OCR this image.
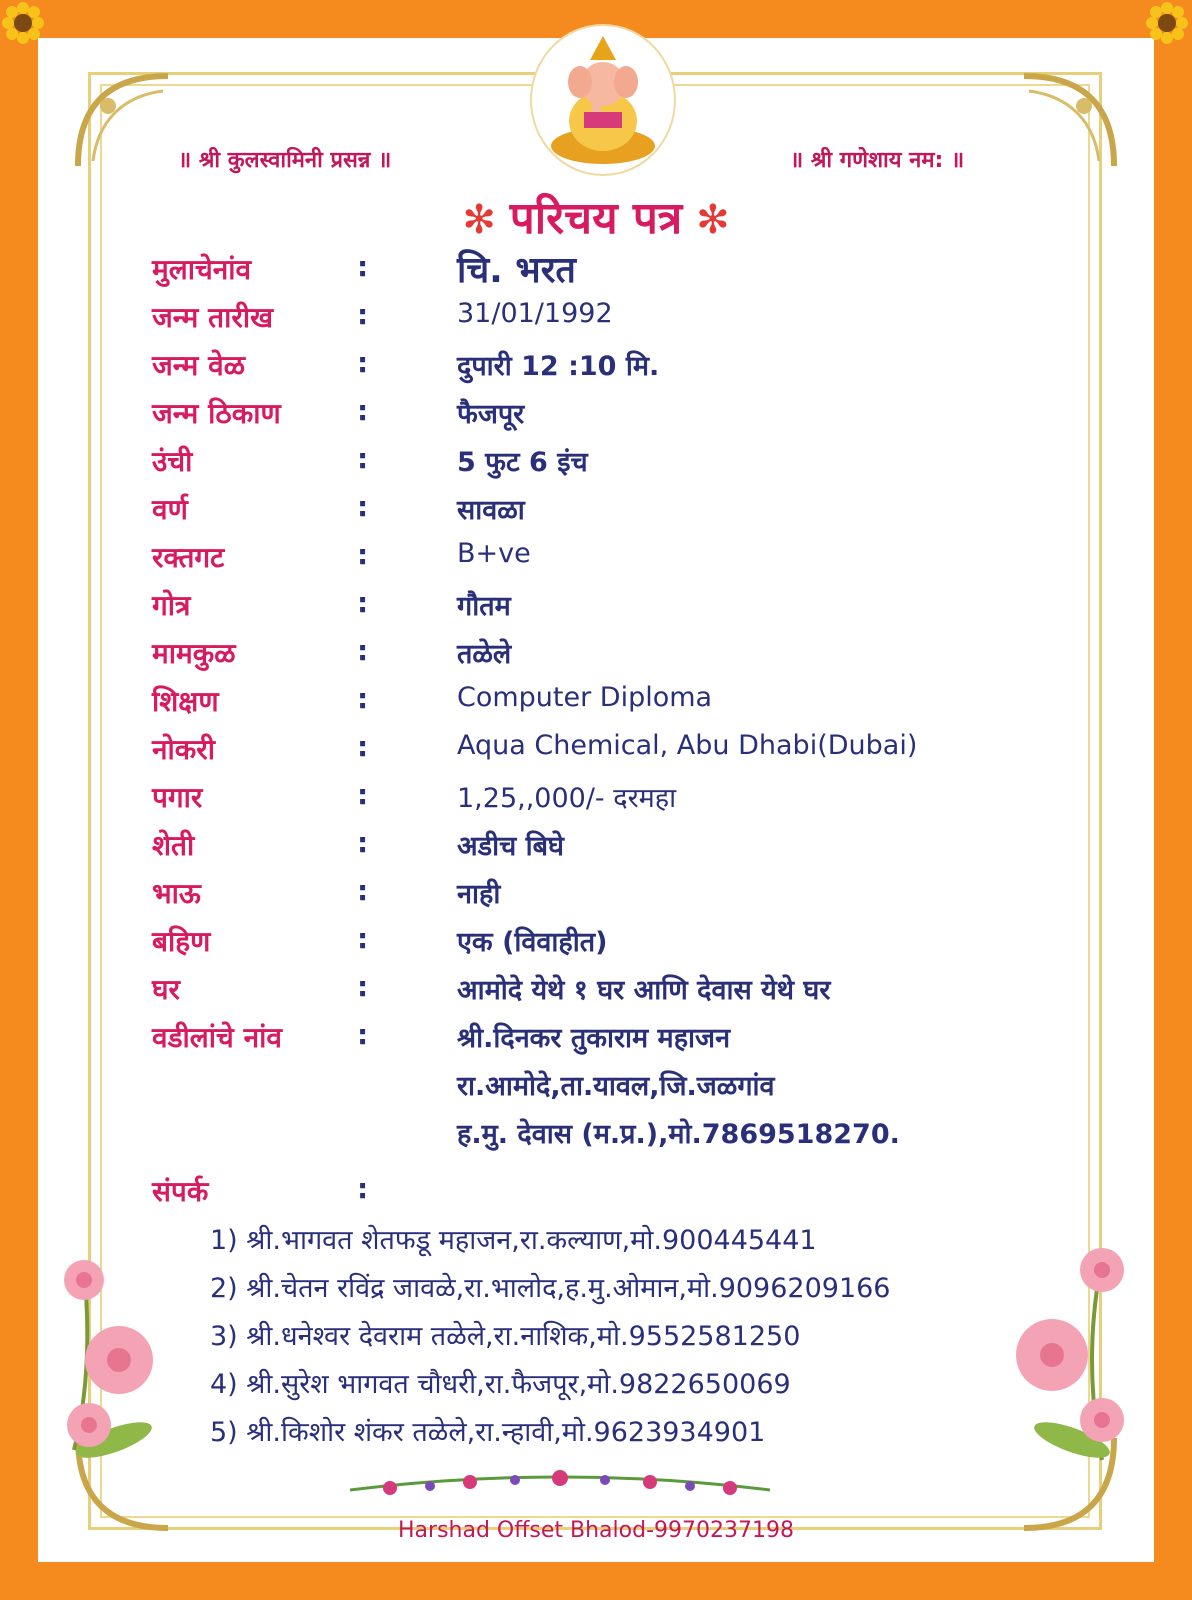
॥ श्री कुलस्वामिनी प्रसन्न ॥	॥ श्री गणेशाय नम: ॥
✻ परिचय पत्र ✻
मुलाचेनांव	: चि. भरत
जन्म तारीख	:	31/01/1992
जन्म वेळ	:	दुपारी 12 :10 मि.
जन्म ठिकाण	:	फैजपूर
उंची	:	5 फुट 6 इंच
वर्ण	:	सावळा
रक्तगट	:	B+ve
गोत्र	:	गौतम
मामकुळ	:	तळेले
शिक्षण	:	Computer Diploma
नोकरी	:	Aqua Chemical, Abu Dhabi(Dubai)
पगार	:	1,25,,000/- दरमहा
शेती	:	अडीच बिघे
भाऊ	:	नाही
बहिण	:	एक (विवाहीत)
घर	:	आमोदे येथे १ घर आणि देवास येथे घर
वडीलांचे नांव	:	श्री.दिनकर तुकाराम महाजन
रा.आमोदे,ता.यावल,जि.जळगांव
ह.मु. देवास (म.प्र.),मो.7869518270.
संपर्क	:
1) श्री.भागवत शेतफडू महाजन,रा.कल्याण,मो.900445441
2) श्री.चेतन रविंद्र जावळे,रा.भालोद,ह.मु.ओमान,मो.9096209166
3) श्री.धनेश्वर देवराम तळेले,रा.नाशिक,मो.9552581250
4) श्री.सुरेश भागवत चौधरी,रा.फैजपूर,मो.9822650069
5) श्री.किशोर शंकर तळेले,रा.न्हावी,मो.9623934901
Harshad Offset Bhalod-9970237198
